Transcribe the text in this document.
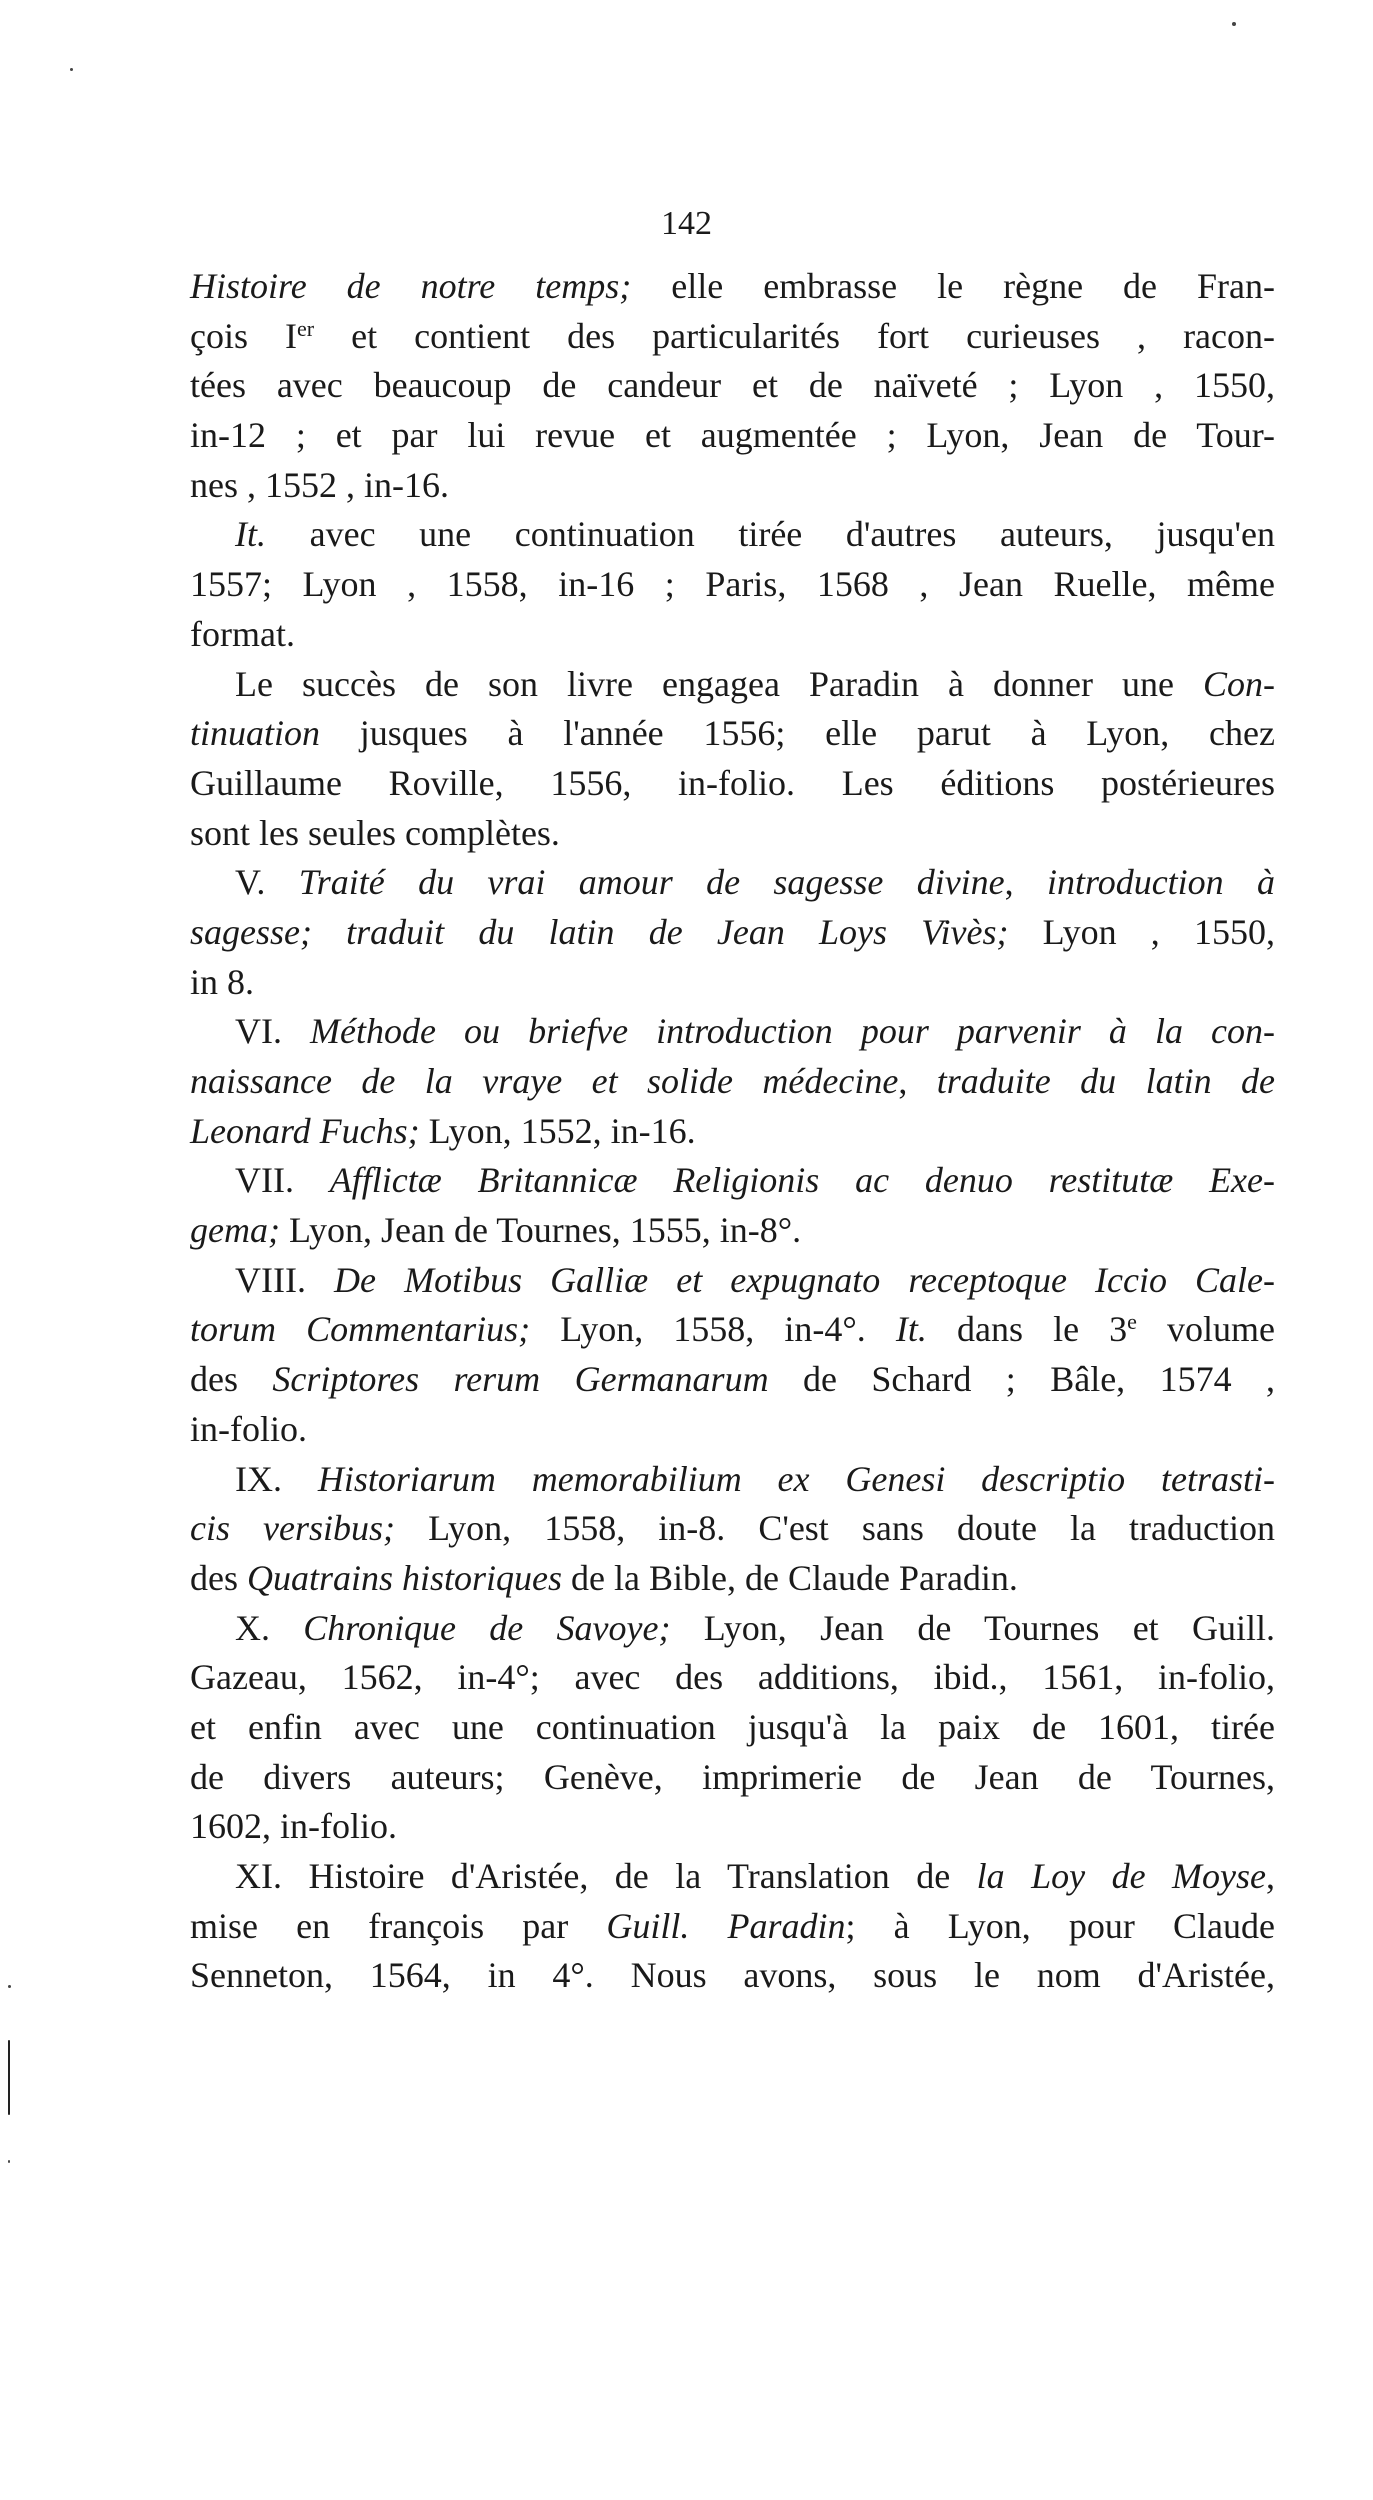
142
Histoire de notre temps; elle embrasse le règne de Fran-
çois Ier et contient des particularités fort curieuses , racon-
tées avec beaucoup de candeur et de naïveté ; Lyon , 1550,
in-12 ; et par lui revue et augmentée ; Lyon, Jean de Tour-
nes , 1552 , in-16.
It. avec une continuation tirée d'autres auteurs, jusqu'en
1557; Lyon , 1558, in-16 ; Paris, 1568 , Jean Ruelle, même
format.
Le succès de son livre engagea Paradin à donner une Con-
tinuation jusques à l'année 1556; elle parut à Lyon, chez
Guillaume Roville, 1556, in-folio. Les éditions postérieures
sont les seules complètes.
V. Traité du vrai amour de sagesse divine, introduction à
sagesse; traduit du latin de Jean Loys Vivès; Lyon , 1550,
in 8.
VI. Méthode ou briefve introduction pour parvenir à la con-
naissance de la vraye et solide médecine, traduite du latin de
Leonard Fuchs; Lyon, 1552, in-16.
VII. Afflictæ Britannicæ Religionis ac denuo restitutæ Exe-
gema; Lyon, Jean de Tournes, 1555, in-8°.
VIII. De Motibus Galliæ et expugnato receptoque Iccio Cale-
torum Commentarius; Lyon, 1558, in-4°. It. dans le 3e volume
des Scriptores rerum Germanarum de Schard ; Bâle, 1574 ,
in-folio.
IX. Historiarum memorabilium ex Genesi descriptio tetrasti-
cis versibus; Lyon, 1558, in-8. C'est sans doute la traduction
des Quatrains historiques de la Bible, de Claude Paradin.
X. Chronique de Savoye; Lyon, Jean de Tournes et Guill.
Gazeau, 1562, in-4°; avec des additions, ibid., 1561, in-folio,
et enfin avec une continuation jusqu'à la paix de 1601, tirée
de divers auteurs; Genève, imprimerie de Jean de Tournes,
1602, in-folio.
XI. Histoire d'Aristée, de la Translation de la Loy de Moyse,
mise en françois par Guill. Paradin; à Lyon, pour Claude
Senneton, 1564, in 4°. Nous avons, sous le nom d'Aristée,
